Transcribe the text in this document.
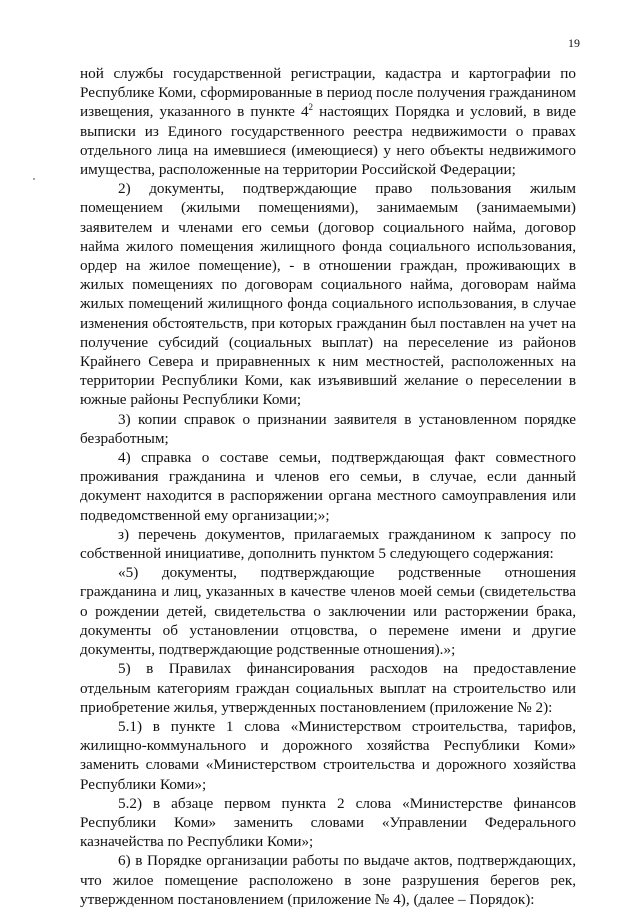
19

ной службы государственной регистрации, кадастра и картографии по Республике Коми, сформированные в период после получения гражданином извещения, указанного в пункте $4^2$ настоящих Порядка и условий, в виде выписки из Единого государственного реестра недвижимости о правах отдельного лица на имевшиеся (имеющиеся) у него объекты недвижимого имущества, расположенные на территории Российской Федерации;

2) документы, подтверждающие право пользования жилым помещением (жилыми помещениями), занимаемым (занимаемыми) заявителем и членами его семьи (договор социального найма, договор найма жилого помещения жилищного фонда социального использования, ордер на жилое помещение), - в отношении граждан, проживающих в жилых помещениях по договорам социального найма, договорам найма жилых помещений жилищного фонда социального использования, в случае изменения обстоятельств, при которых гражданин был поставлен на учет на получение субсидий (социальных выплат) на переселение из районов Крайнего Севера и приравненных к ним местностей, расположенных на территории Республики Коми, как изъявивший желание о переселении в южные районы Республики Коми;

3) копии справок о признании заявителя в установленном порядке безработным;

4) справка о составе семьи, подтверждающая факт совместного проживания гражданина и членов его семьи, в случае, если данный документ находится в распоряжении органа местного самоуправления или подведомственной ему организации;»;

з) перечень документов, прилагаемых гражданином к запросу по собственной инициативе, дополнить пунктом 5 следующего содержания:

«5) документы, подтверждающие родственные отношения гражданина и лиц, указанных в качестве членов моей семьи (свидетельства о рождении детей, свидетельства о заключении или расторжении брака, документы об установлении отцовства, о перемене имени и другие документы, подтверждающие родственные отношения).»;

5) в Правилах финансирования расходов на предоставление отдельным категориям граждан социальных выплат на строительство или приобретение жилья, утвержденных постановлением (приложение № 2):

5.1) в пункте 1 слова «Министерством строительства, тарифов, жилищно-коммунального и дорожного хозяйства Республики Коми» заменить словами «Министерством строительства и дорожного хозяйства Республики Коми»;

5.2) в абзаце первом пункта 2 слова «Министерстве финансов Республики Коми» заменить словами «Управлении Федерального казначейства по Республики Коми»;

6) в Порядке организации работы по выдаче актов, подтверждающих, что жилое помещение расположено в зоне разрушения берегов рек, утвержденном постановлением (приложение № 4), (далее – Порядок):
